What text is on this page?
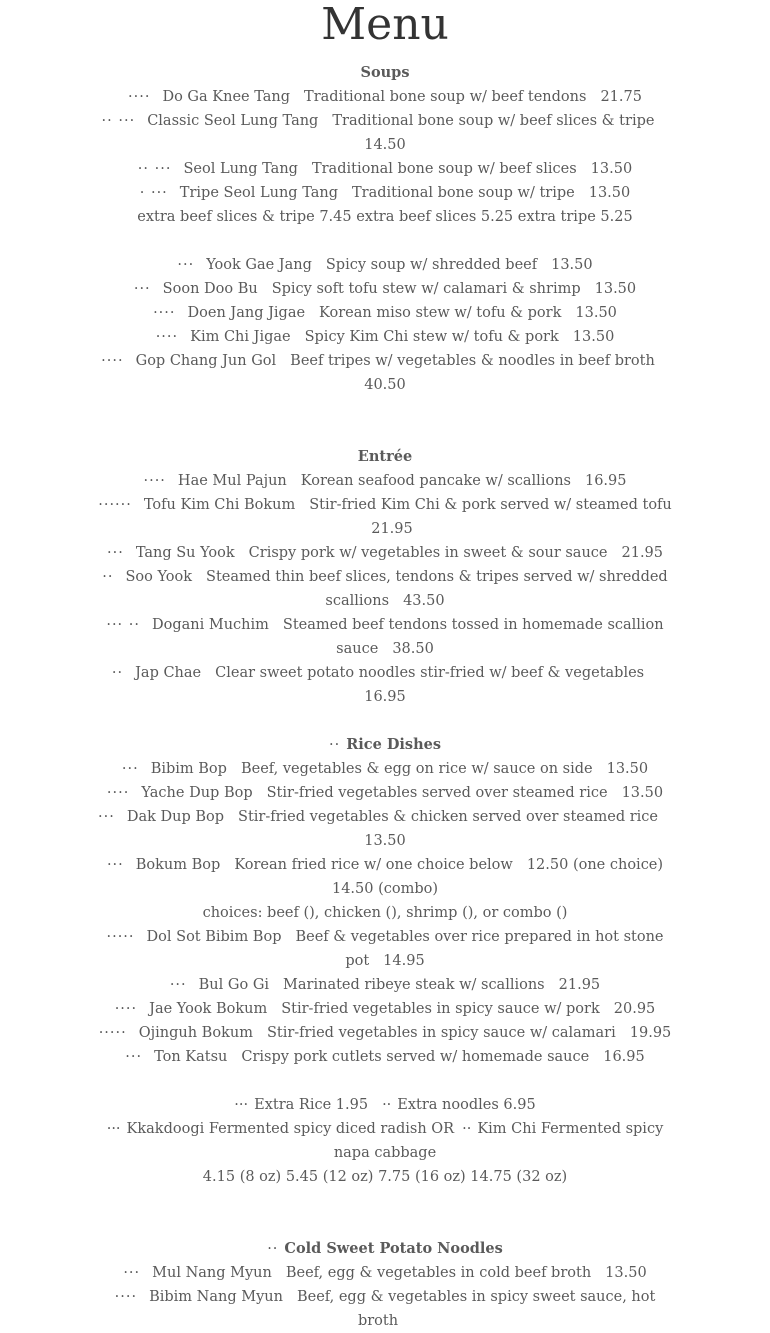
Menu
Soups
···· Do Ga Knee Tang Traditional bone soup w/ beef tendons 21.75
·· ··· Classic Seol Lung Tang Traditional bone soup w/ beef slices & tripe14.50
·· ··· Seol Lung Tang Traditional bone soup w/ beef slices 13.50
· ··· Tripe Seol Lung Tang Traditional bone soup w/ tripe 13.50
extra beef slices & tripe 7.45 extra beef slices 5.25 extra tripe 5.25
··· Yook Gae Jang Spicy soup w/ shredded beef 13.50
··· Soon Doo Bu Spicy soft tofu stew w/ calamari & shrimp 13.50
···· Doen Jang Jigae Korean miso stew w/ tofu & pork 13.50
···· Kim Chi Jigae Spicy Kim Chi stew w/ tofu & pork 13.50
···· Gop Chang Jun Gol Beef tripes w/ vegetables & noodles in beef broth40.50
Entrée
···· Hae Mul Pajun Korean seafood pancake w/ scallions 16.95
······ Tofu Kim Chi Bokum Stir-fried Kim Chi & pork served w/ steamed tofu21.95
··· Tang Su Yook Crispy pork w/ vegetables in sweet & sour sauce 21.95
·· Soo Yook Steamed thin beef slices, tendons & tripes served w/ shredded scallions 43.50
··· ·· Dogani Muchim Steamed beef tendons tossed in homemade scallion sauce 38.50
·· Jap Chae Clear sweet potato noodles stir-fried w/ beef & vegetables16.95
·· Rice Dishes
··· Bibim Bop Beef, vegetables & egg on rice w/ sauce on side 13.50
···· Yache Dup Bop Stir-fried vegetables served over steamed rice 13.50
··· Dak Dup Bop Stir-fried vegetables & chicken served over steamed rice13.50
··· Bokum Bop Korean fried rice w/ one choice below 12.50 (one choice) 14.50 (combo)
choices: beef (), chicken (), shrimp (), or combo ()
····· Dol Sot Bibim Bop Beef & vegetables over rice prepared in hot stone pot 14.95
··· Bul Go Gi Marinated ribeye steak w/ scallions 21.95
···· Jae Yook Bokum Stir-fried vegetables in spicy sauce w/ pork 20.95
····· Ojinguh Bokum Stir-fried vegetables in spicy sauce w/ calamari 19.95
··· Ton Katsu Crispy pork cutlets served w/ homemade sauce 16.95
··· Extra Rice 1.95 ·· Extra noodles 6.95
··· Kkakdoogi Fermented spicy diced radish OR ·· Kim Chi Fermented spicy napa cabbage
4.15 (8 oz) 5.45 (12 oz) 7.75 (16 oz) 14.75 (32 oz)
·· Cold Sweet Potato Noodles
··· Mul Nang Myun Beef, egg & vegetables in cold beef broth 13.50
···· Bibim Nang Myun Beef, egg & vegetables in spicy sweet sauce, hot broth
